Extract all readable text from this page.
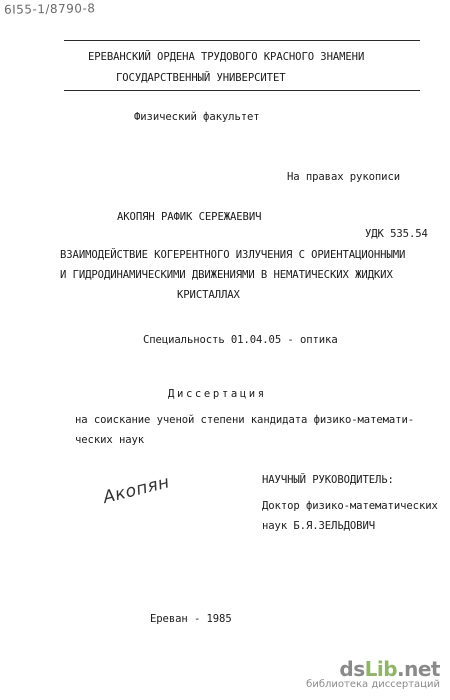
6I55-1/8790-8
ЕРЕВАНСКИЙ ОРДЕНА ТРУДОВОГО КРАСНОГО ЗНАМЕНИ
ГОСУДАРСТВЕННЫЙ УНИВЕРСИТЕТ
Физический факультет
На правах рукописи
АКОПЯН РАФИК СЕРЕЖАЕВИЧ
УДК 535.54
ВЗАИМОДЕЙСТВИЕ КОГЕРЕНТНОГО ИЗЛУЧЕНИЯ С ОРИЕНТАЦИОННЫМИ
И ГИДРОДИНАМИЧЕСКИМИ ДВИЖЕНИЯМИ В НЕМАТИЧЕСКИХ ЖИДКИХ
КРИСТАЛЛАХ
Специальность 01.04.05 - оптика
Диссертация
на соискание ученой степени кандидата физико-математи-
ческих наук
НАУЧНЫЙ РУКОВОДИТЕЛЬ:
Доктор физико-математических
наук Б.Я.ЗЕЛЬДОВИЧ
Акопян
Ереван - 1985
dsLib.net
библиотека диссертаций
